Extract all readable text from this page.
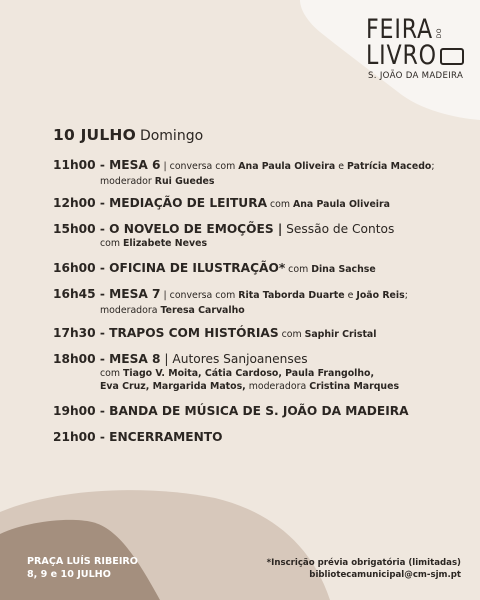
FEIRA DO
LIVRO
S. JOÃO DA MADEIRA
10 JULHO Domingo
11h00 - MESA 6 | conversa com Ana Paula Oliveira e Patrícia Macedo;
moderador Rui Guedes
12h00 - MEDIAÇÃO DE LEITURA com Ana Paula Oliveira
15h00 - O NOVELO DE EMOÇÕES | Sessão de Contos
com Elizabete Neves
16h00 - OFICINA DE ILUSTRAÇÃO* com Dina Sachse
16h45 - MESA 7 | conversa com Rita Taborda Duarte e João Reis;
moderadora Teresa Carvalho
17h30 - TRAPOS COM HISTÓRIAS com Saphir Cristal
18h00 - MESA 8 | Autores Sanjoanenses
com Tiago V. Moita, Cátia Cardoso, Paula Frangolho,
Eva Cruz, Margarida Matos, moderadora Cristina Marques
19h00 - BANDA DE MÚSICA DE S. JOÃO DA MADEIRA
21h00 - ENCERRAMENTO
PRAÇA LUÍS RIBEIRO
8, 9 e 10 JULHO
*Inscrição prévia obrigatória (limitadas)
bibliotecamunicipal@cm-sjm.pt
